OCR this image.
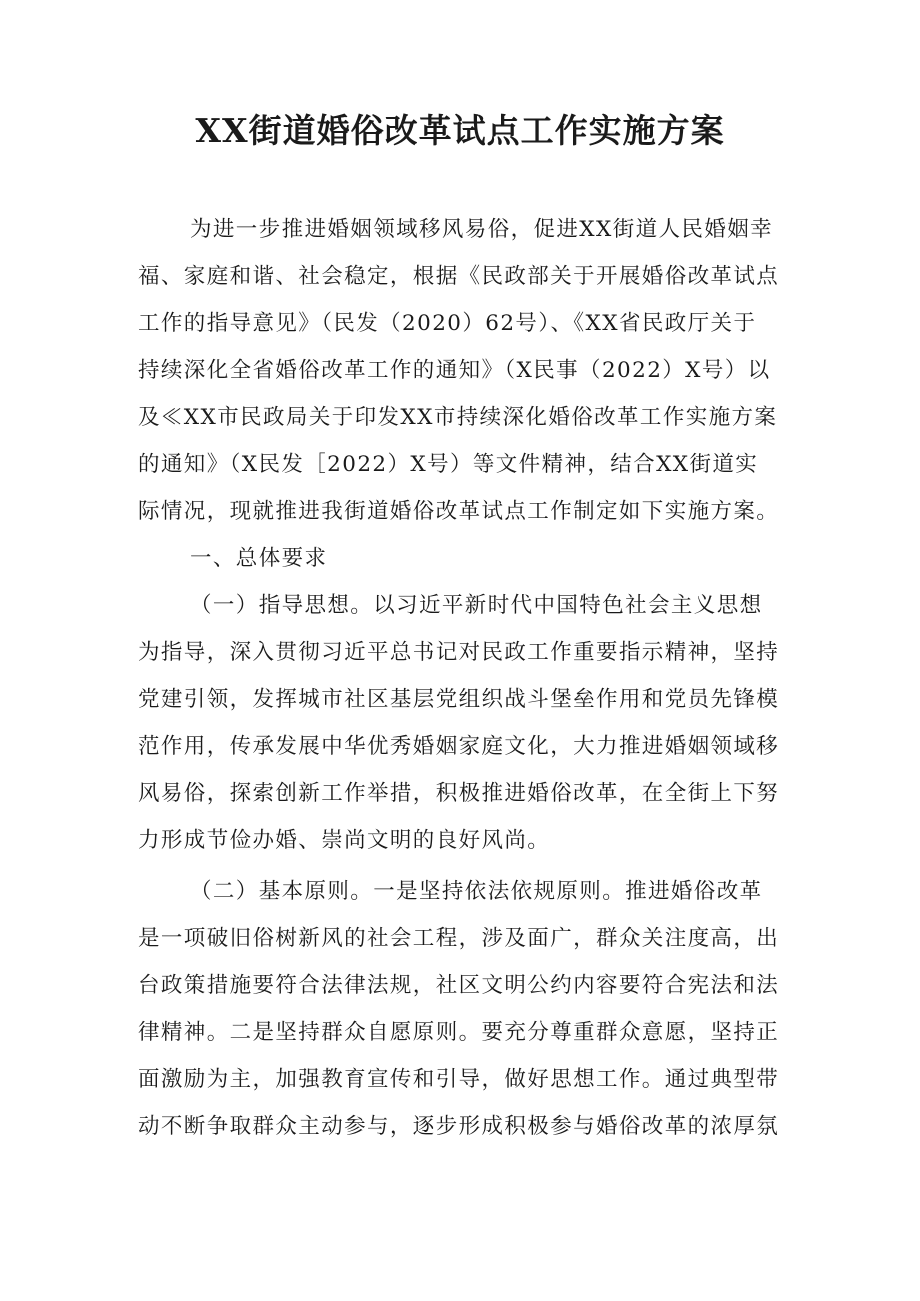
XX街道婚俗改革试点工作实施方案
为进一步推进婚姻领域移风易俗，促进XX街道人民婚姻幸
福、家庭和谐、社会稳定，根据《民政部关于开展婚俗改革试点
工作的指导意见》（民发（2020）62号）、《XX省民政厅关于
持续深化全省婚俗改革工作的通知》（X民事（2022）X号）以
及≪XX市民政局关于印发XX市持续深化婚俗改革工作实施方案
的通知》（X民发［2022）X号）等文件精神，结合XX街道实
际情况，现就推进我街道婚俗改革试点工作制定如下实施方案。
一、总体要求
（一）指导思想。以习近平新时代中国特色社会主义思想
为指导，深入贯彻习近平总书记对民政工作重要指示精神，坚持
党建引领，发挥城市社区基层党组织战斗堡垒作用和党员先锋模
范作用，传承发展中华优秀婚姻家庭文化，大力推进婚姻领域移
风易俗，探索创新工作举措，积极推进婚俗改革，在全街上下努
力形成节俭办婚、崇尚文明的良好风尚。
（二）基本原则。一是坚持依法依规原则。推进婚俗改革
是一项破旧俗树新风的社会工程，涉及面广，群众关注度高，出
台政策措施要符合法律法规，社区文明公约内容要符合宪法和法
律精神。二是坚持群众自愿原则。要充分尊重群众意愿，坚持正
面激励为主，加强教育宣传和引导，做好思想工作。通过典型带
动不断争取群众主动参与，逐步形成积极参与婚俗改革的浓厚氛
